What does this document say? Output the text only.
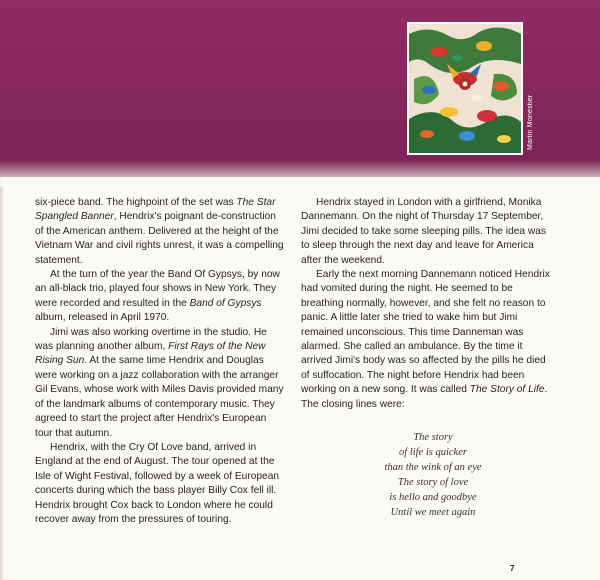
Martin Monestier

six-piece band. The highpoint of the set was The Star Spangled Banner, Hendrix's poignant de-construction of the American anthem. Delivered at the height of the Vietnam War and civil rights unrest, it was a compelling statement.

At the turn of the year the Band Of Gypsys, by now an all-black trio, played four shows in New York. They were recorded and resulted in the Band of Gypsys album, released in April 1970.

Jimi was also working overtime in the studio. He was planning another album, First Rays of the New Rising Sun. At the same time Hendrix and Douglas were working on a jazz collaboration with the arranger Gil Evans, whose work with Miles Davis provided many of the landmark albums of contemporary music. They agreed to start the project after Hendrix's European tour that autumn.

Hendrix, with the Cry Of Love band, arrived in England at the end of August. The tour opened at the Isle of Wight Festival, followed by a week of European concerts during which the bass player Billy Cox fell ill. Hendrix brought Cox back to London where he could recover away from the pressures of touring.

Hendrix stayed in London with a girlfriend, Monika Dannemann. On the night of Thursday 17 September, Jimi decided to take some sleeping pills. The idea was to sleep through the next day and leave for America after the weekend.

Early the next morning Dannemann noticed Hendrix had vomited during the night. He seemed to be breathing normally, however, and she felt no reason to panic. A little later she tried to wake him but Jimi remained unconscious. This time Danneman was alarmed. She called an ambulance. By the time it arrived Jimi's body was so affected by the pills he died of suffocation. The night before Hendrix had been working on a new song. It was called The Story of Life. The closing lines were:

The story
of life is quicker
than the wink of an eye
The story of love
is hello and goodbye
Until we meet again
7
